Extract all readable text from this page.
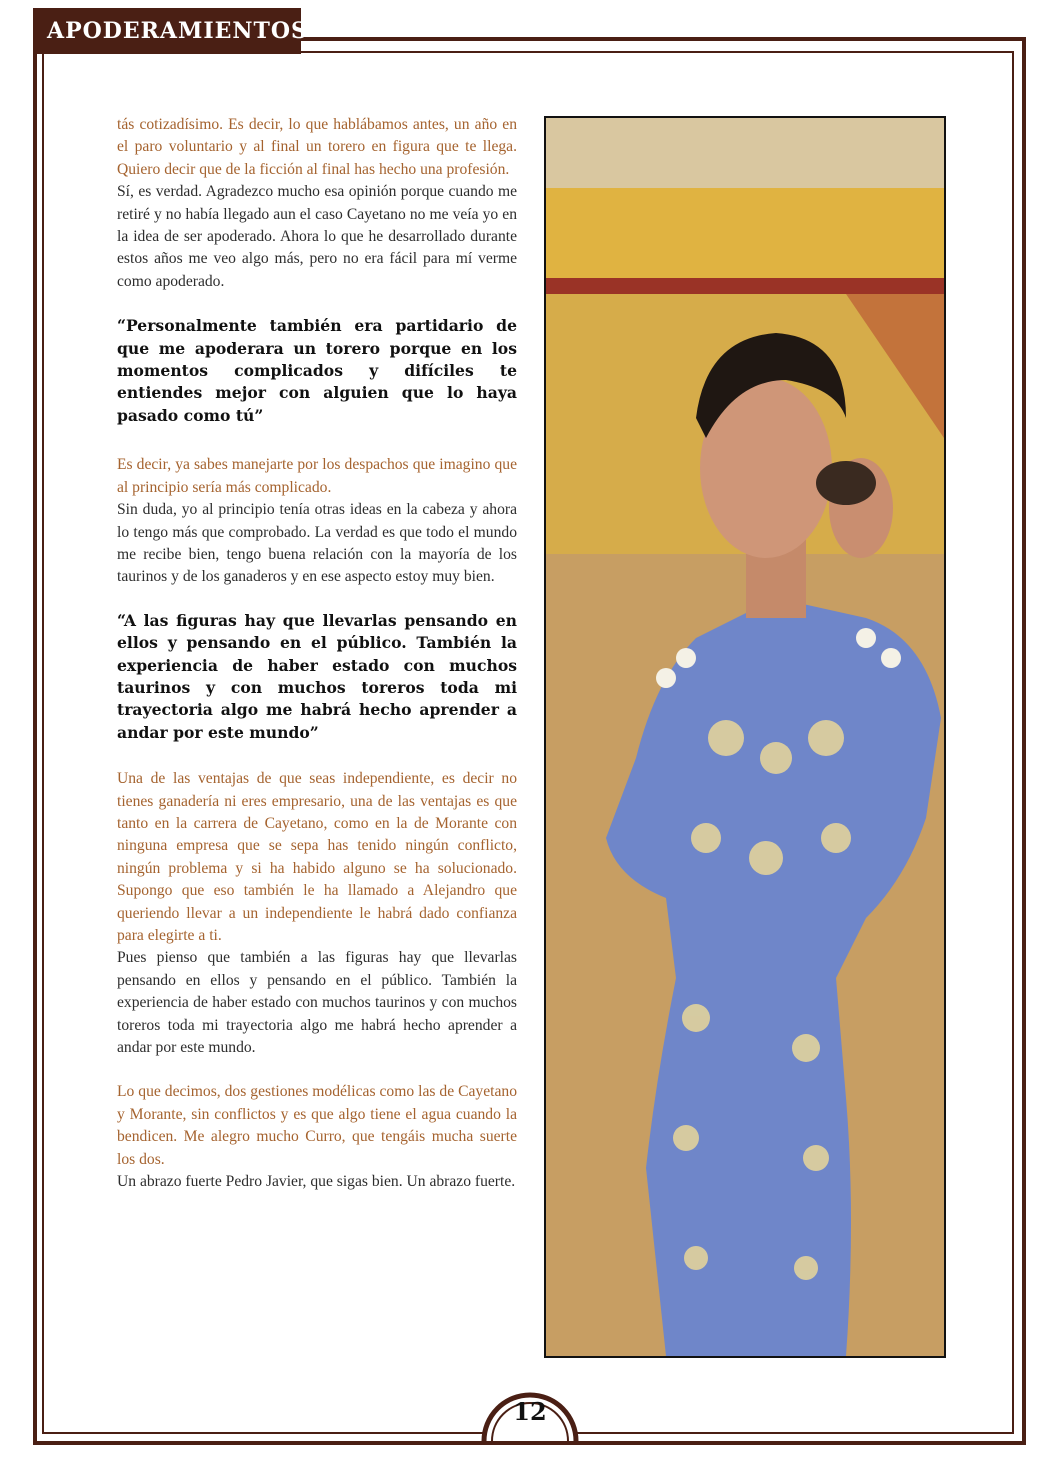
APODERAMIENTOS

tás cotizadísimo. Es decir, lo que hablábamos antes, un año en el paro voluntario y al final un torero en figura que te llega. Quiero decir que de la ficción al final has hecho una profesión.

Sí, es verdad. Agradezco mucho esa opinión porque cuando me retiré y no había llegado aun el caso Cayetano no me veía yo en la idea de ser apoderado. Ahora lo que he desarrollado durante estos años me veo algo más, pero no era fácil para mí verme como apoderado.

“Personalmente también era partidario de que me apoderara un torero porque en los momentos complicados y difíciles te entiendes mejor con alguien que lo haya pasado como tú”

Es decir, ya sabes manejarte por los despachos que imagino que al principio sería más complicado.

Sin duda, yo al principio tenía otras ideas en la cabeza y ahora lo tengo más que comprobado. La verdad es que todo el mundo me recibe bien, tengo buena relación con la mayoría de los taurinos y de los ganaderos y en ese aspecto estoy muy bien.

“A las figuras hay que llevarlas pensando en ellos y pensando en el público. También la experiencia de haber estado con muchos taurinos y con muchos toreros toda mi trayectoria algo me habrá hecho aprender a andar por este mundo”

Una de las ventajas de que seas independiente, es decir no tienes ganadería ni eres empresario, una de las ventajas es que tanto en la carrera de Cayetano, como en la de Morante con ninguna empresa que se sepa has tenido ningún conflicto, ningún problema y si ha habido alguno se ha solucionado. Supongo que eso también le ha llamado a Alejandro que queriendo llevar a un independiente le habrá dado confianza para elegirte a ti.

Pues pienso que también a las figuras hay que llevarlas pensando en ellos y pensando en el público. También la experiencia de haber estado con muchos taurinos y con muchos toreros toda mi trayectoria algo me habrá hecho aprender a andar por este mundo.

Lo que decimos, dos gestiones modélicas como las de Cayetano y Morante, sin conflictos y es que algo tiene el agua cuando la bendicen. Me alegro mucho Curro, que tengáis mucha suerte los dos.

Un abrazo fuerte Pedro Javier, que sigas bien. Un abrazo fuerte.

12
